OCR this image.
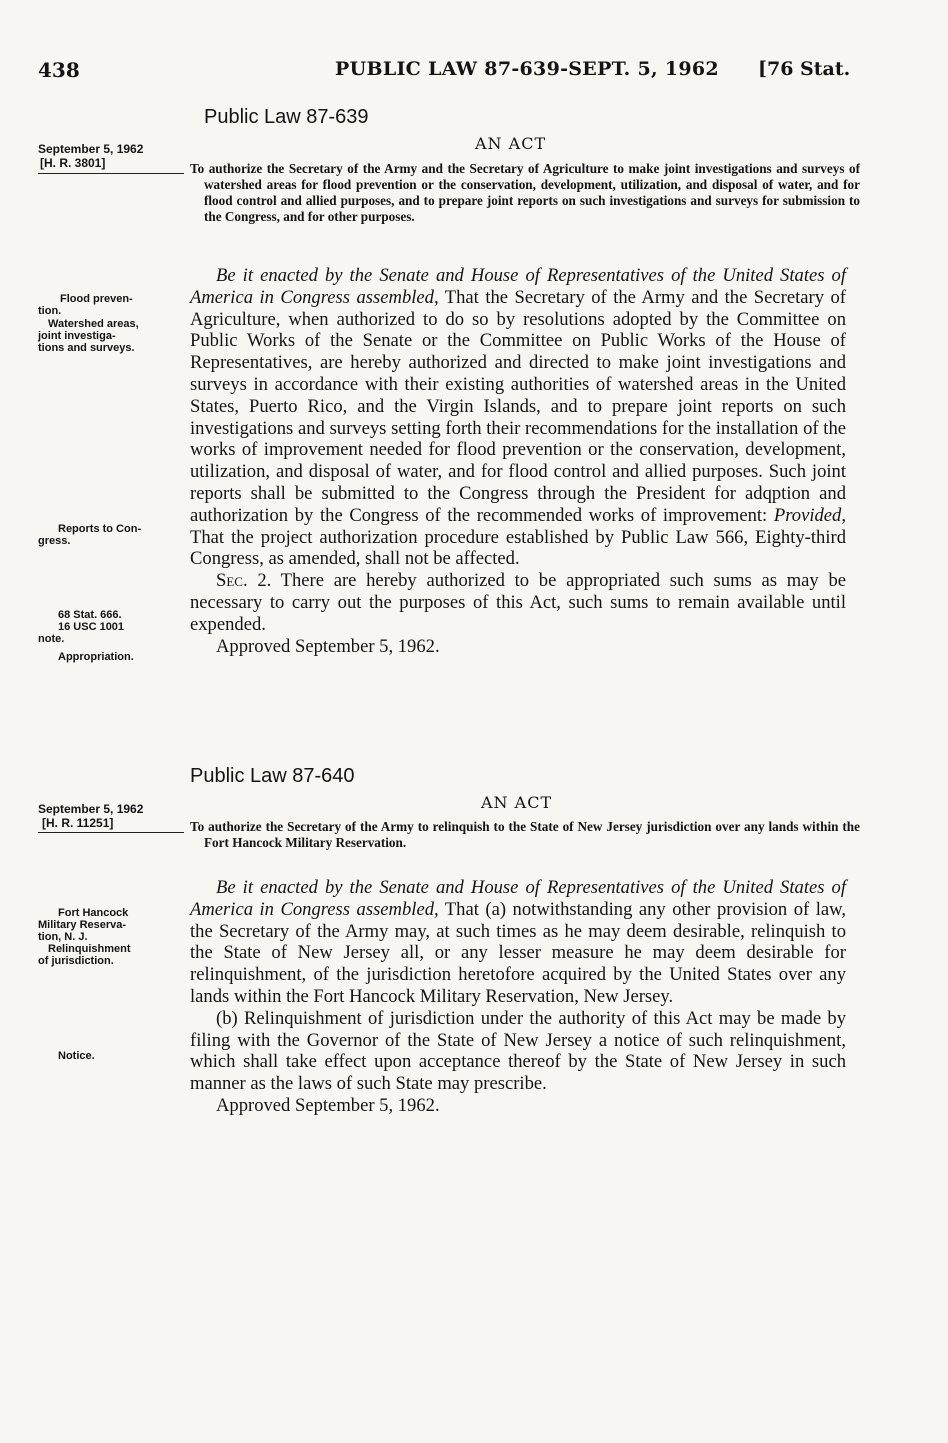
438	PUBLIC LAW 87-639-SEPT. 5, 1962 [76 Stat.
Public Law 87-639
September 5, 1962
[H. R. 3801]
AN ACT
To authorize the Secretary of the Army and the Secretary of Agriculture to make joint investigations and surveys of watershed areas for flood prevention or the conservation, development, utilization, and disposal of water, and for flood control and allied purposes, and to prepare joint reports on such investigations and surveys for submission to the Congress, and for other purposes.

Be it enacted by the Senate and House of Representatives of the United States of America in Congress assembled, That the Secretary of the Army and the Secretary of Agriculture, when authorized to do so by resolutions adopted by the Committee on Public Works of the Senate or the Committee on Public Works of the House of Representatives, are hereby authorized and directed to make joint investigations and surveys in accordance with their existing authorities of watershed areas in the United States, Puerto Rico, and the Virgin Islands, and to prepare joint reports on such investigations and surveys setting forth their recommendations for the installation of the works of improvement needed for flood prevention or the conservation, development, utilization, and disposal of water, and for flood control and allied purposes. Such joint reports shall be submitted to the Congress through the President for adqption and authorization by the Congress of the recommended works of improvement: Provided, That the project authorization procedure established by Public Law 566, Eighty-third Congress, as amended, shall not be affected.

Sec. 2. There are hereby authorized to be appropriated such sums as may be necessary to carry out the purposes of this Act, such sums to remain available until expended.

Approved September 5, 1962.

Flood preven-
tion.
Watershed areas,
joint investiga-
tions and surveys.
Reports to Con-
gress.
68 Stat. 666.
16 USC 1001
note.
Appropriation.
Public Law 87-640
September 5, 1962
[H. R. 11251]
AN ACT
To authorize the Secretary of the Army to relinquish to the State of New Jersey jurisdiction over any lands within the Fort Hancock Military Reservation.

Be it enacted by the Senate and House of Representatives of the United States of America in Congress assembled, That (a) notwithstanding any other provision of law, the Secretary of the Army may, at such times as he may deem desirable, relinquish to the State of New Jersey all, or any lesser measure he may deem desirable for relinquishment, of the jurisdiction heretofore acquired by the United States over any lands within the Fort Hancock Military Reservation, New Jersey.

(b) Relinquishment of jurisdiction under the authority of this Act may be made by filing with the Governor of the State of New Jersey a notice of such relinquishment, which shall take effect upon acceptance thereof by the State of New Jersey in such manner as the laws of such State may prescribe.

Approved September 5, 1962.

Fort Hancock
Military Reserva-
tion, N. J.
Relinquishment
of jurisdiction.
Notice.
